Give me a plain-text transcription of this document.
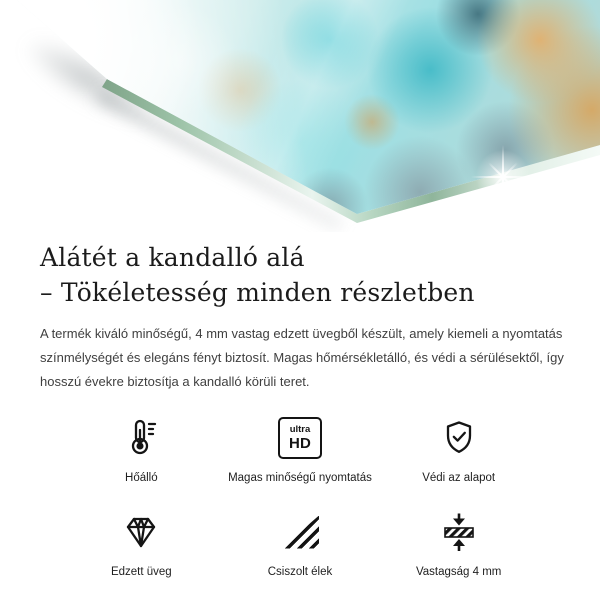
Alátét a kandalló alá
– Tökéletesség minden részletben
A termék kiváló minőségű, 4 mm vastag edzett üvegből készült, amely kiemeli a nyomtatás színmélységét és elegáns fényt biztosít. Magas hőmérsékletálló, és védi a sérülésektől, így hosszú évekre biztosítja a kandalló körüli teret.
Hőálló
ultra
HD
Magas minőségű nyomtatás	Védi az alapot
Edzett üveg	Csiszolt élek	Vastagság 4 mm
